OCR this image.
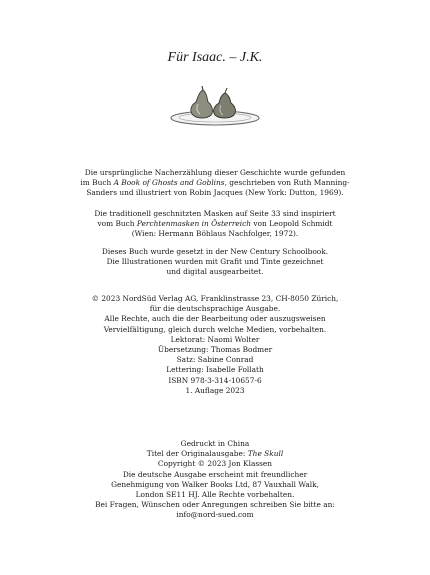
Für Isaac. – J.K.

Die ursprüngliche Nacherzählung dieser Geschichte wurde gefunden

im Buch A Book of Ghosts and Goblins, geschrieben von Ruth Manning-

Sanders und illustriert von Robin Jacques (New York: Dutton, 1969).

Die traditionell geschnitzten Masken auf Seite 33 sind inspiriert

vom Buch Perchtenmasken in Österreich von Leopold Schmidt

(Wien: Hermann Böhlaus Nachfolger, 1972).

Dieses Buch wurde gesetzt in der New Century Schoolbook.

Die Illustrationen wurden mit Grafit und Tinte gezeichnet

und digital ausgearbeitet.

© 2023 NordSüd Verlag AG, Franklinstrasse 23, CH-8050 Zürich,

für die deutschsprachige Ausgabe.

Alle Rechte, auch die der Bearbeitung oder auszugsweisen

Vervielfältigung, gleich durch welche Medien, vorbehalten.

Lektorat: Naomi Wolter

Übersetzung: Thomas Bodmer

Satz: Sabine Conrad

Lettering: Isabelle Follath

ISBN 978-3-314-10657-6

1. Auflage 2023

Gedruckt in China

Titel der Originalausgabe: The Skull

Copyright © 2023 Jon Klassen

Die deutsche Ausgabe erscheint mit freundlicher

Genehmigung von Walker Books Ltd, 87 Vauxhall Walk,

London SE11 HJ. Alle Rechte vorbehalten.

Bei Fragen, Wünschen oder Anregungen schreiben Sie bitte an:

info@nord-sued.com
